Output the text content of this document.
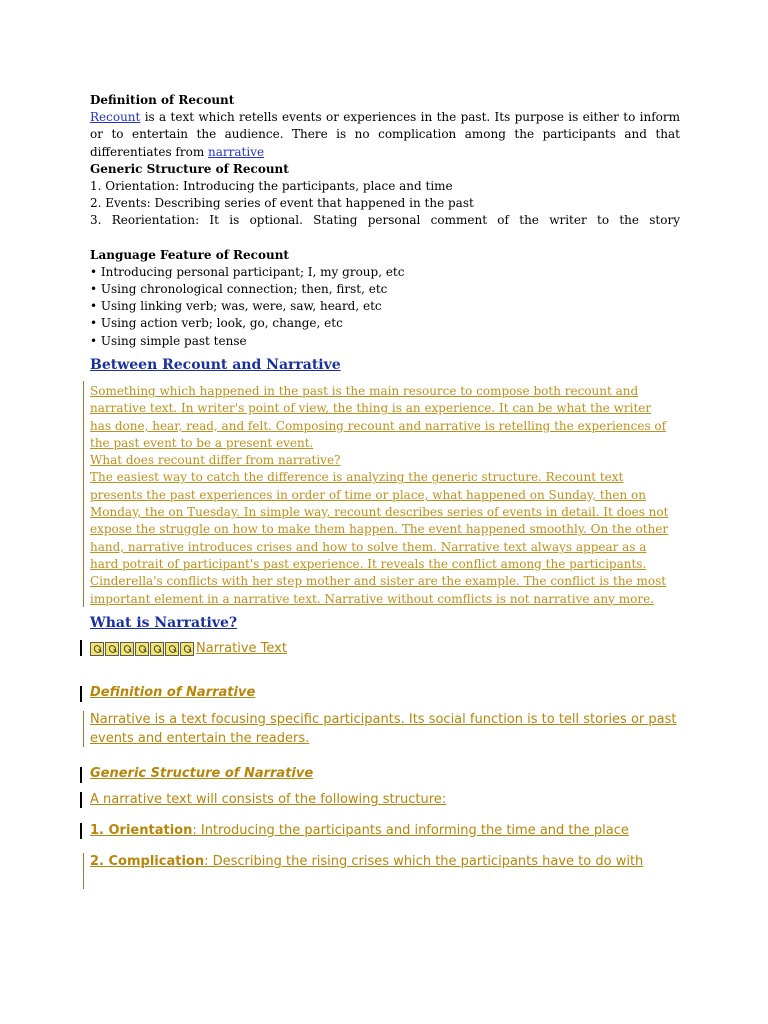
Definition of Recount
Recount is a text which retells events or experiences in the past. Its purpose is either to inform or to entertain the audience. There is no complication among the participants and that differentiates from narrative
Generic Structure of Recount
1. Orientation: Introducing the participants, place and time
2. Events: Describing series of event that happened in the past
3. Reorientation: It is optional. Stating personal comment of the writer to the story
Language Feature of Recount
• Introducing personal participant; I, my group, etc
• Using chronological connection; then, first, etc
• Using linking verb; was, were, saw, heard, etc
• Using action verb; look, go, change, etc
• Using simple past tense
Between Recount and Narrative
Something which happened in the past is the main resource to compose both recount and narrative text. In writer's point of view, the thing is an experience. It can be what the writer has done, hear, read, and felt. Composing recount and narrative is retelling the experiences of the past event to be a present event.
What does recount differ from narrative?
The easiest way to catch the difference is analyzing the generic structure. Recount text presents the past experiences in order of time or place, what happened on Sunday, then on Monday, the on Tuesday. In simple way, recount describes series of events in detail. It does not expose the struggle on how to make them happen. The event happened smoothly. On the other hand, narrative introduces crises and how to solve them. Narrative text always appear as a hard potrait of participant's past experience. It reveals the conflict among the participants. Cinderella's conflicts with her step mother and sister are the example. The conflict is the most important element in a narrative text. Narrative without comflicts is not narrative any more.
What is Narrative?
Narrative Text
Definition of Narrative
Narrative is a text focusing specific participants. Its social function is to tell stories or past events and entertain the readers.
Generic Structure of Narrative
A narrative text will consists of the following structure:
1. Orientation: Introducing the participants and informing the time and the place
2. Complication: Describing the rising crises which the participants have to do with
